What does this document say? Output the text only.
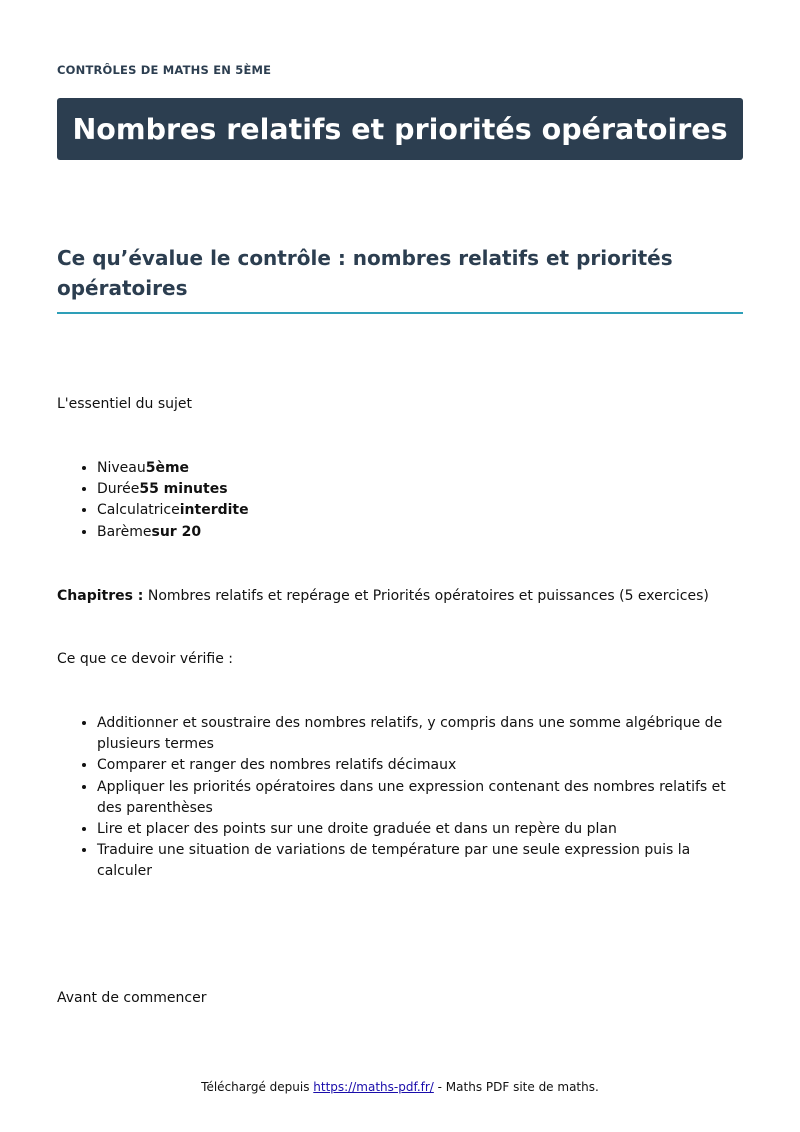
CONTRÔLES DE MATHS EN 5ÈME
Nombres relatifs et priorités opératoires
Ce qu’évalue le contrôle : nombres relatifs et priorités opératoires

L'essentiel du sujet

• Niveau5ème
• Durée55 minutes
• Calculatriceinterdite
• Barèmesur 20

Chapitres : Nombres relatifs et repérage et Priorités opératoires et puissances (5 exercices)

Ce que ce devoir vérifie :

• Additionner et soustraire des nombres relatifs, y compris dans une somme algébrique de plusieurs termes
• Comparer et ranger des nombres relatifs décimaux
• Appliquer les priorités opératoires dans une expression contenant des nombres relatifs et des parenthèses
• Lire et placer des points sur une droite graduée et dans un repère du plan
• Traduire une situation de variations de température par une seule expression puis la calculer

Avant de commencer

Téléchargé depuis https://maths-pdf.fr/ - Maths PDF site de maths.
